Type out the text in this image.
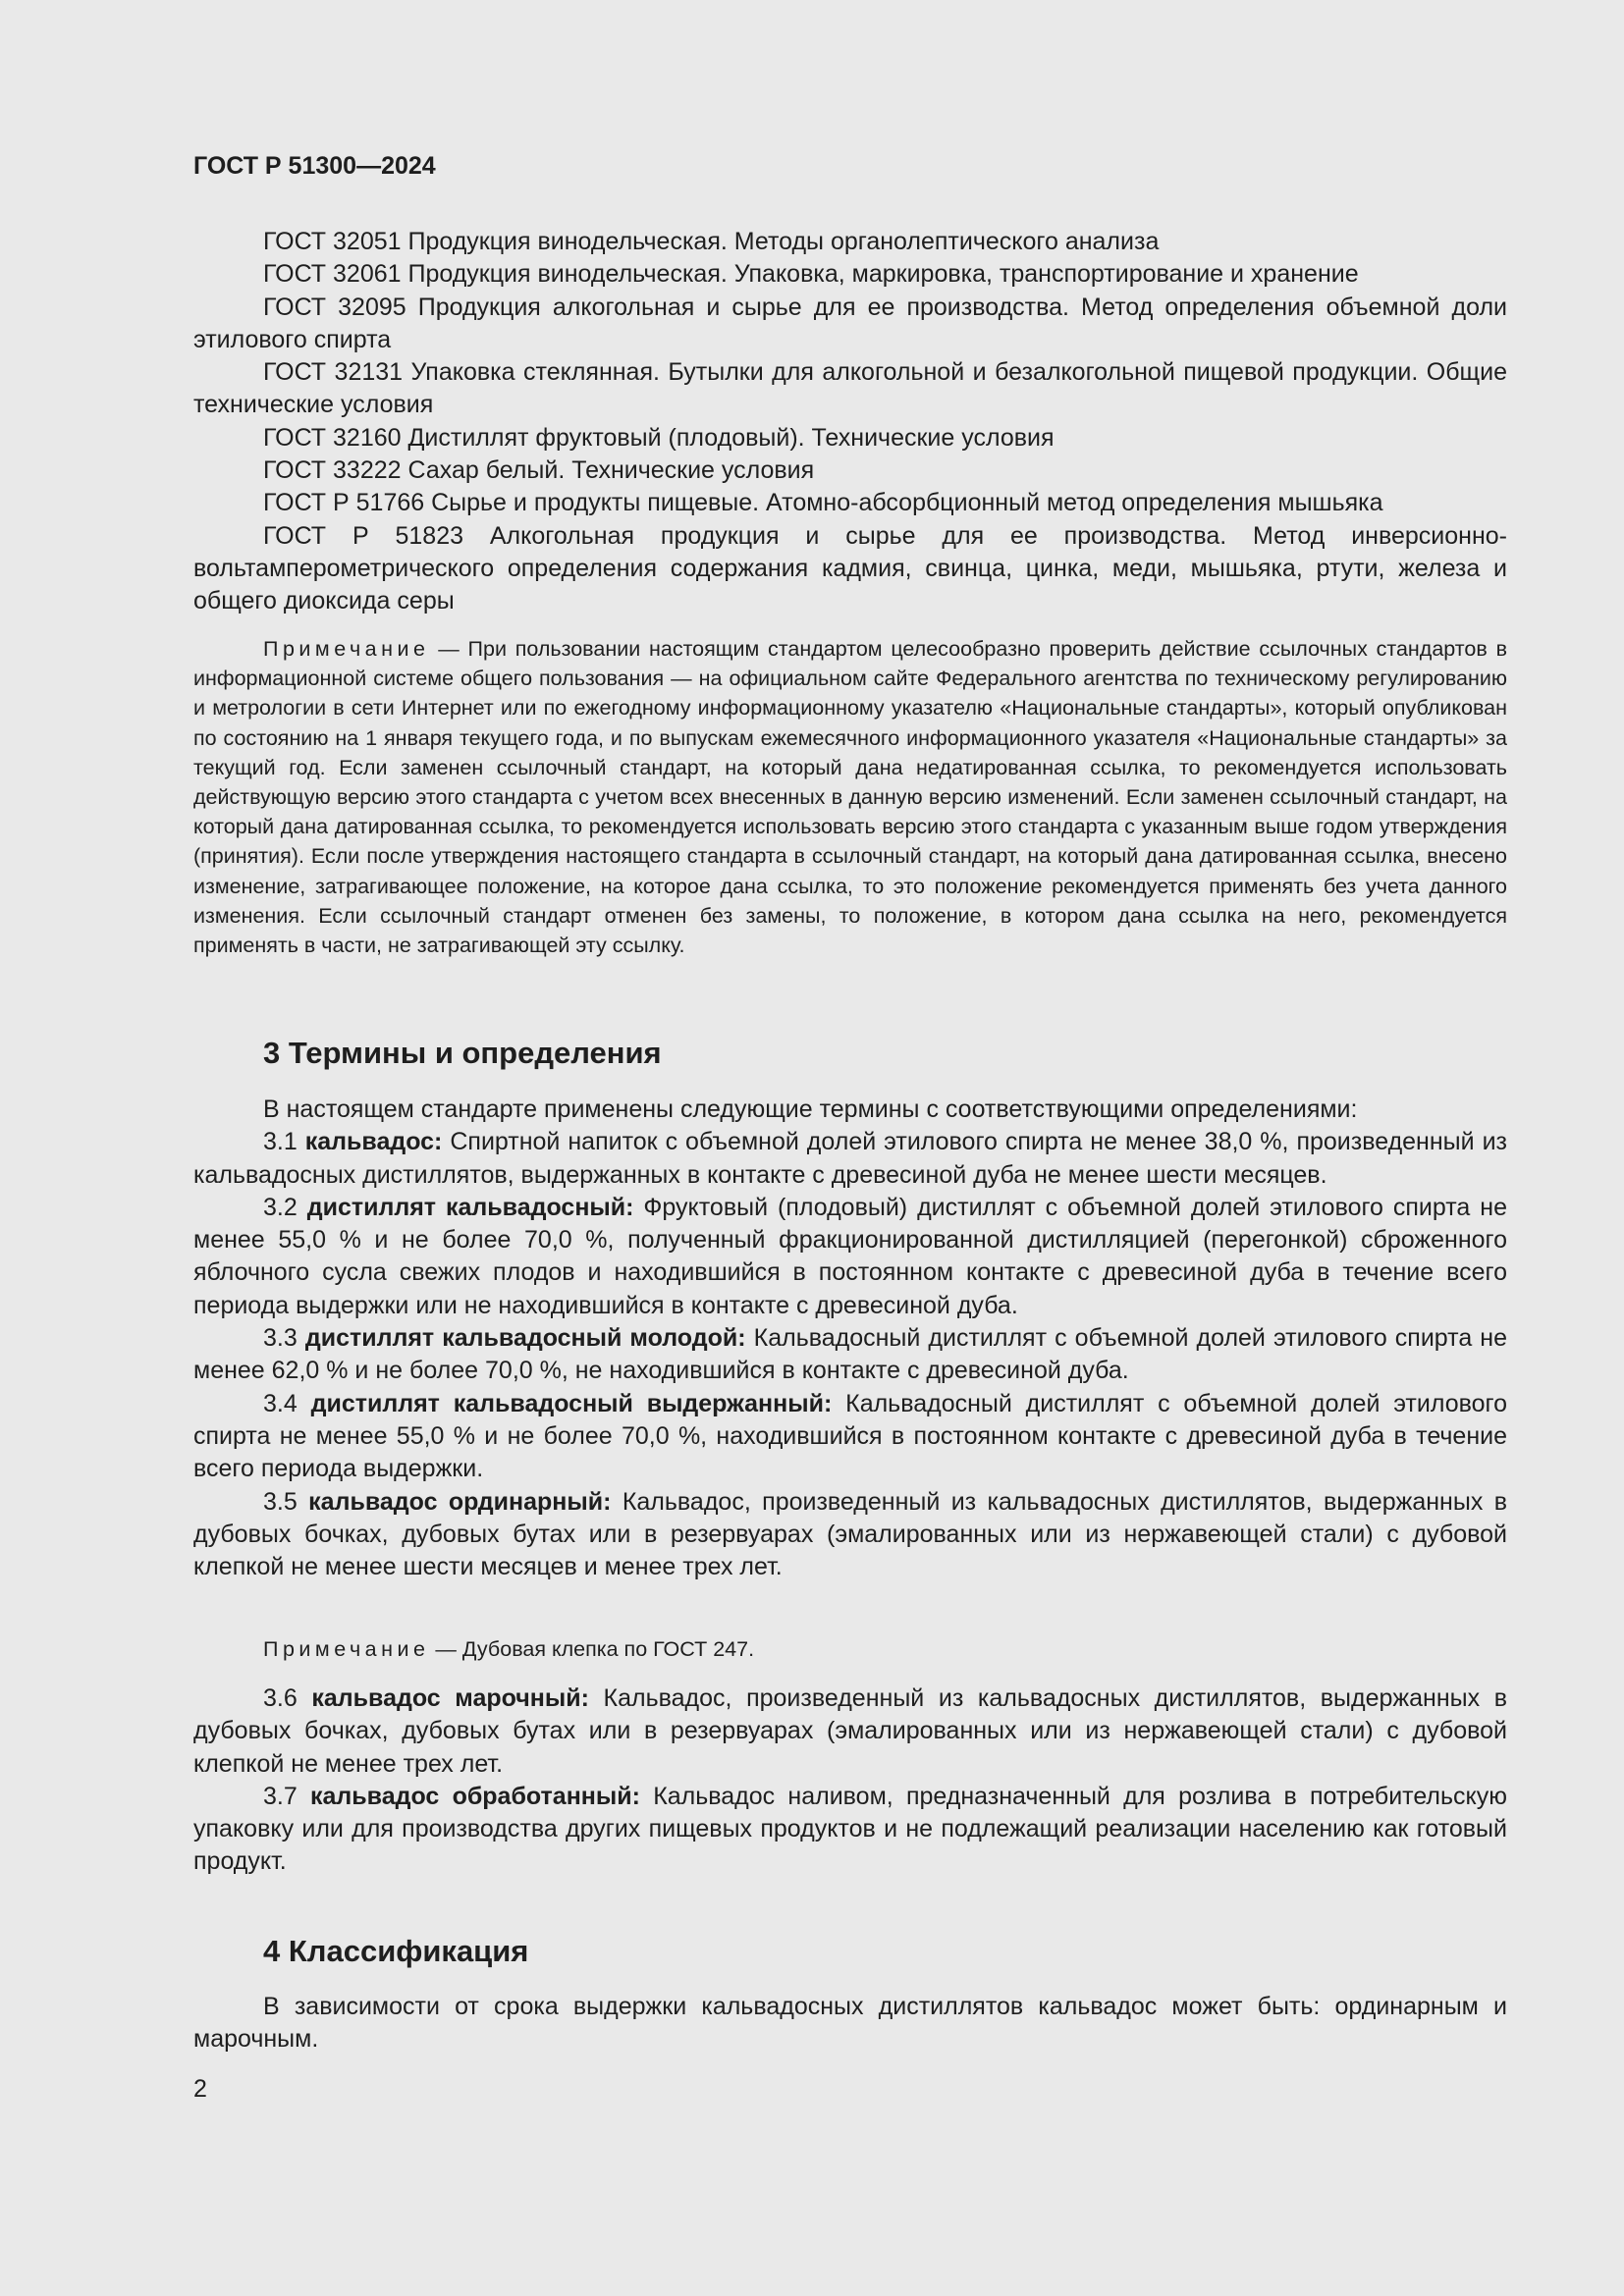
ГОСТ Р 51300—2024

ГОСТ 32051 Продукция винодельческая. Методы органолептического анализа

ГОСТ 32061 Продукция винодельческая. Упаковка, маркировка, транспортирование и хранение

ГОСТ 32095 Продукция алкогольная и сырье для ее производства. Метод определения объемной доли этилового спирта

ГОСТ 32131 Упаковка стеклянная. Бутылки для алкогольной и безалкогольной пищевой продукции. Общие технические условия

ГОСТ 32160 Дистиллят фруктовый (плодовый). Технические условия

ГОСТ 33222 Сахар белый. Технические условия

ГОСТ Р 51766 Сырье и продукты пищевые. Атомно-абсорбционный метод определения мышьяка

ГОСТ Р 51823 Алкогольная продукция и сырье для ее производства. Метод инверсионно-вольтамперометрического определения содержания кадмия, свинца, цинка, меди, мышьяка, ртути, железа и общего диоксида серы

Примечание — При пользовании настоящим стандартом целесообразно проверить действие ссылочных стандартов в информационной системе общего пользования — на официальном сайте Федерального агентства по техническому регулированию и метрологии в сети Интернет или по ежегодному информационному указателю «Национальные стандарты», который опубликован по состоянию на 1 января текущего года, и по выпускам ежемесячного информационного указателя «Национальные стандарты» за текущий год. Если заменен ссылочный стандарт, на который дана недатированная ссылка, то рекомендуется использовать действующую версию этого стандарта с учетом всех внесенных в данную версию изменений. Если заменен ссылочный стандарт, на который дана датированная ссылка, то рекомендуется использовать версию этого стандарта с указанным выше годом утверждения (принятия). Если после утверждения настоящего стандарта в ссылочный стандарт, на который дана датированная ссылка, внесено изменение, затрагивающее положение, на которое дана ссылка, то это положение рекомендуется применять без учета данного изменения. Если ссылочный стандарт отменен без замены, то положение, в котором дана ссылка на него, рекомендуется применять в части, не затрагивающей эту ссылку.

3 Термины и определения

В настоящем стандарте применены следующие термины с соответствующими определениями:

3.1 кальвадос: Спиртной напиток с объемной долей этилового спирта не менее 38,0 %, произведенный из кальвадосных дистиллятов, выдержанных в контакте с древесиной дуба не менее шести месяцев.

3.2 дистиллят кальвадосный: Фруктовый (плодовый) дистиллят с объемной долей этилового спирта не менее 55,0 % и не более 70,0 %, полученный фракционированной дистилляцией (перегонкой) сброженного яблочного сусла свежих плодов и находившийся в постоянном контакте с древесиной дуба в течение всего периода выдержки или не находившийся в контакте с древесиной дуба.

3.3 дистиллят кальвадосный молодой: Кальвадосный дистиллят с объемной долей этилового спирта не менее 62,0 % и не более 70,0 %, не находившийся в контакте с древесиной дуба.

3.4 дистиллят кальвадосный выдержанный: Кальвадосный дистиллят с объемной долей этилового спирта не менее 55,0 % и не более 70,0 %, находившийся в постоянном контакте с древесиной дуба в течение всего периода выдержки.

3.5 кальвадос ординарный: Кальвадос, произведенный из кальвадосных дистиллятов, выдержанных в дубовых бочках, дубовых бутах или в резервуарах (эмалированных или из нержавеющей стали) с дубовой клепкой не менее шести месяцев и менее трех лет.

Примечание — Дубовая клепка по ГОСТ 247.

3.6 кальвадос марочный: Кальвадос, произведенный из кальвадосных дистиллятов, выдержанных в дубовых бочках, дубовых бутах или в резервуарах (эмалированных или из нержавеющей стали) с дубовой клепкой не менее трех лет.

3.7 кальвадос обработанный: Кальвадос наливом, предназначенный для розлива в потребительскую упаковку или для производства других пищевых продуктов и не подлежащий реализации населению как готовый продукт.

4 Классификация

В зависимости от срока выдержки кальвадосных дистиллятов кальвадос может быть: ординарным и марочным.

2
